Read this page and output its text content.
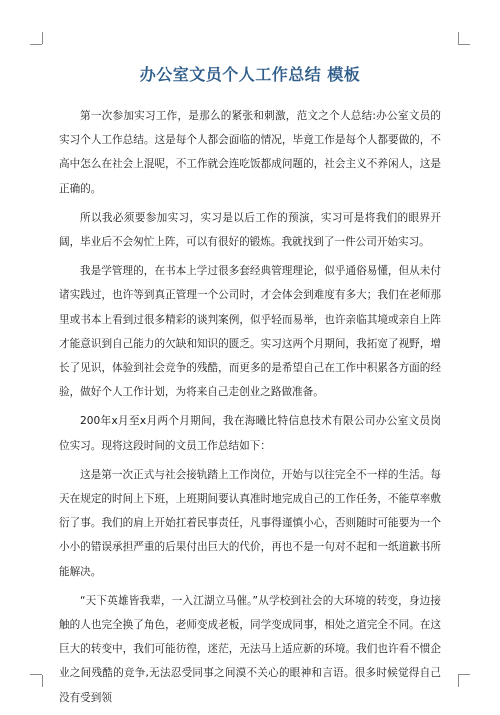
办公室文员个人工作总结 模板

第一次参加实习工作，是那么的紧张和刺激，范文之个人总结:办公室文员的实习个人工作总结。这是每个人都会面临的情况，毕竟工作是每个人都要做的，不高中怎么在社会上混呢，不工作就会连吃饭都成问题的，社会主义不养闲人，这是正确的。

所以我必须要参加实习，实习是以后工作的预演，实习可是将我们的眼界开阔，毕业后不会匆忙上阵，可以有很好的锻炼。我就找到了一件公司开始实习。

我是学管理的，在书本上学过很多套经典管理理论，似乎通俗易懂，但从未付诸实践过，也许等到真正管理一个公司时，才会体会到难度有多大；我们在老师那里或书本上看到过很多精彩的谈判案例，似乎轻而易举，也许亲临其境或亲自上阵才能意识到自己能力的欠缺和知识的匮乏。实习这两个月期间，我拓宽了视野，增长了见识，体验到社会竞争的残酷，而更多的是希望自己在工作中积累各方面的经验，做好个人工作计划，为将来自己走创业之路做准备。

200年x月至x月两个月期间，我在海曦比特信息技术有限公司办公室文员岗位实习。现将这段时间的文员工作总结如下：

这是第一次正式与社会接轨踏上工作岗位，开始与以往完全不一样的生活。每天在规定的时间上下班，上班期间要认真准时地完成自己的工作任务，不能草率敷衍了事。我们的肩上开始扛着民事责任，凡事得谨慎小心，否则随时可能要为一个小小的错误承担严重的后果付出巨大的代价，再也不是一句对不起和一纸道歉书所能解决。

“天下英雄皆我辈，一入江湖立马催。”从学校到社会的大环境的转变，身边接触的人也完全换了角色，老师变成老板，同学变成同事，相处之道完全不同。在这巨大的转变中，我们可能彷徨，迷茫，无法马上适应新的环境。我们也许看不惯企业之间残酷的竞争,无法忍受同事之间漠不关心的眼神和言语。很多时候觉得自己没有受到领
